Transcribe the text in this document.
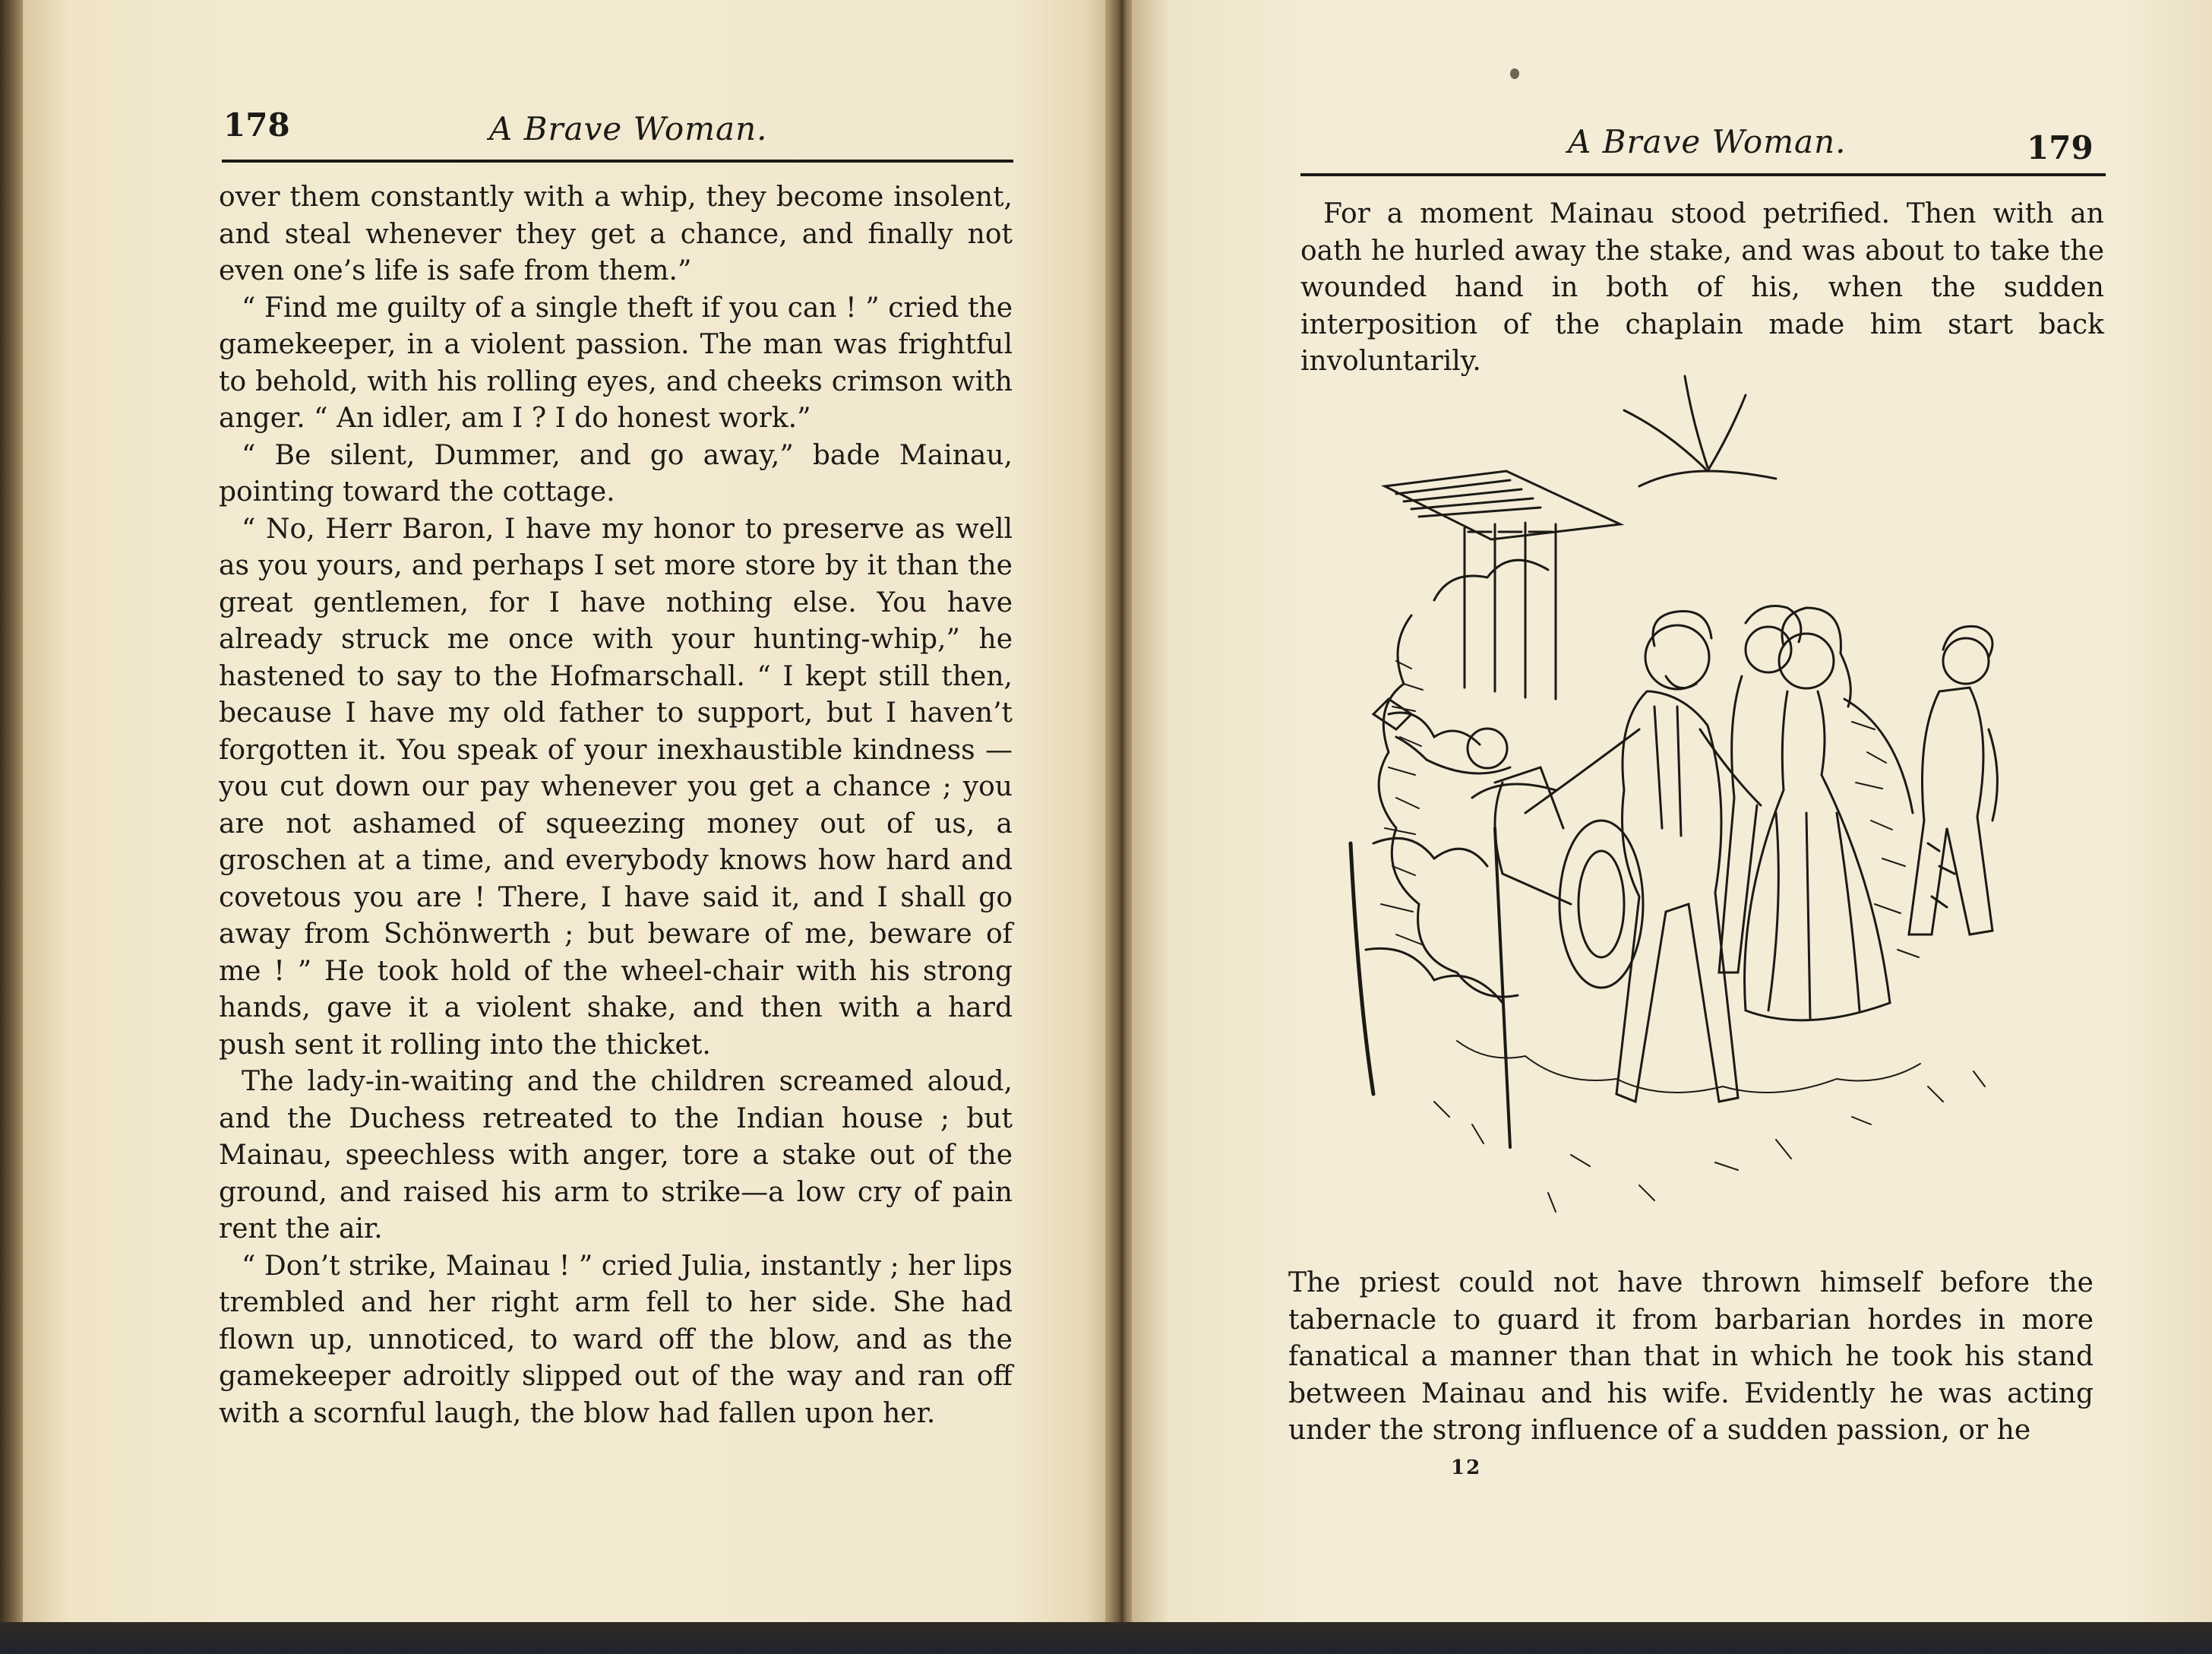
178	A Brave Woman.

over them constantly with a whip, they become insolent, and steal whenever they get a chance, and finally not even one’s life is safe from them.”

“ Find me guilty of a single theft if you can ! ” cried the gamekeeper, in a violent passion. The man was frightful to behold, with his rolling eyes, and cheeks crimson with anger. “ An idler, am I ? I do honest work.”

“ Be silent, Dummer, and go away,” bade Mainau, pointing toward the cottage.

“ No, Herr Baron, I have my honor to preserve as well as you yours, and perhaps I set more store by it than the great gentlemen, for I have nothing else. You have already struck me once with your hunting-whip,” he hastened to say to the Hofmarschall. “ I kept still then, because I have my old father to support, but I haven’t forgotten it. You speak of your inexhaustible kindness —you cut down our pay whenever you get a chance ; you are not ashamed of squeezing money out of us, a groschen at a time, and everybody knows how hard and covetous you are ! There, I have said it, and I shall go away from Schönwerth ; but beware of me, beware of me ! ” He took hold of the wheel-chair with his strong hands, gave it a violent shake, and then with a hard push sent it rolling into the thicket.

The lady-in-waiting and the children screamed aloud, and the Duchess retreated to the Indian house ; but Mainau, speechless with anger, tore a stake out of the ground, and raised his arm to strike—a low cry of pain rent the air.

“ Don’t strike, Mainau ! ” cried Julia, instantly ; her lips trembled and her right arm fell to her side. She had flown up, unnoticed, to ward off the blow, and as the gamekeeper adroitly slipped out of the way and ran off with a scornful laugh, the blow had fallen upon her.

A Brave Woman.	179

For a moment Mainau stood petrified. Then with an oath he hurled away the stake, and was about to take the wounded hand in both of his, when the sudden interposition of the chaplain made him start back involuntarily.

The priest could not have thrown himself before the tabernacle to guard it from barbarian hordes in more fanatical a manner than that in which he took his stand between Mainau and his wife. Evidently he was acting under the strong influence of a sudden passion, or he

12
